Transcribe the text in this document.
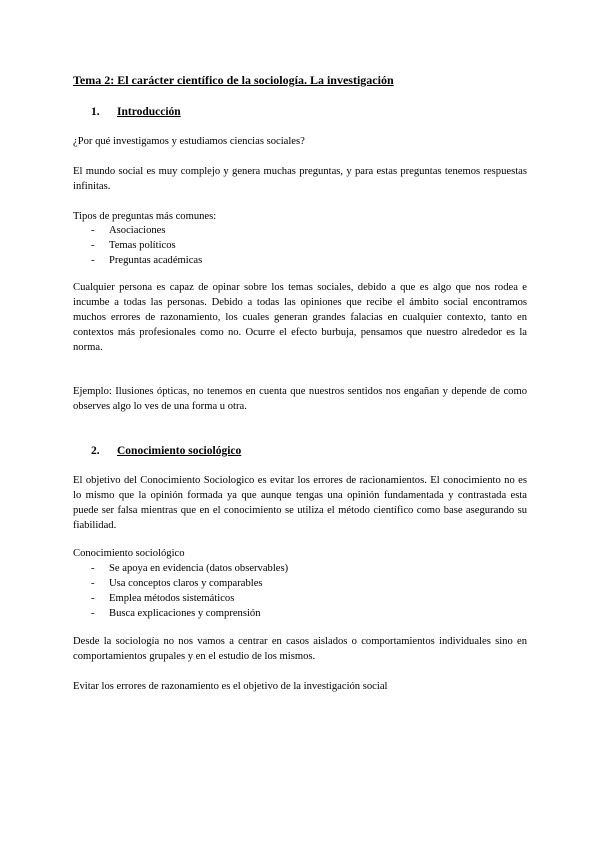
Tema 2: El carácter científico de la sociología. La investigación
1. Introducción

¿Por qué investigamos y estudiamos ciencias sociales?

El mundo social es muy complejo y genera muchas preguntas, y para estas preguntas tenemos respuestas infinitas.

Tipos de preguntas más comunes:

- Asociaciones
- Temas políticos
- Preguntas académicas

Cualquier persona es capaz de opinar sobre los temas sociales, debido a que es algo que nos rodea e incumbe a todas las personas. Debido a todas las opiniones que recibe el ámbito social encontramos muchos errores de razonamiento, los cuales generan grandes falacias en cualquier contexto, tanto en contextos más profesionales como no. Ocurre el efecto burbuja, pensamos que nuestro alrededor es la norma.

Ejemplo: Ilusiones ópticas, no tenemos en cuenta que nuestros sentidos nos engañan y depende de como observes algo lo ves de una forma u otra.

2. Conocimiento sociológico

El objetivo del Conocimiento Sociologico es evitar los errores de racionamientos. El conocimiento no es lo mismo que la opinión formada ya que aunque tengas una opinión fundamentada y contrastada esta puede ser falsa mientras que en el conocimiento se utiliza el método científico como base asegurando su fiabilidad.

Conocimiento sociológico

- Se apoya en evidencia (datos observables)
- Usa conceptos claros y comparables
- Emplea métodos sistemáticos
- Busca explicaciones y comprensión

Desde la sociología no nos vamos a centrar en casos aislados o comportamientos individuales sino en comportamientos grupales y en el estudio de los mismos.

Evitar los errores de razonamiento es el objetivo de la investigación social
